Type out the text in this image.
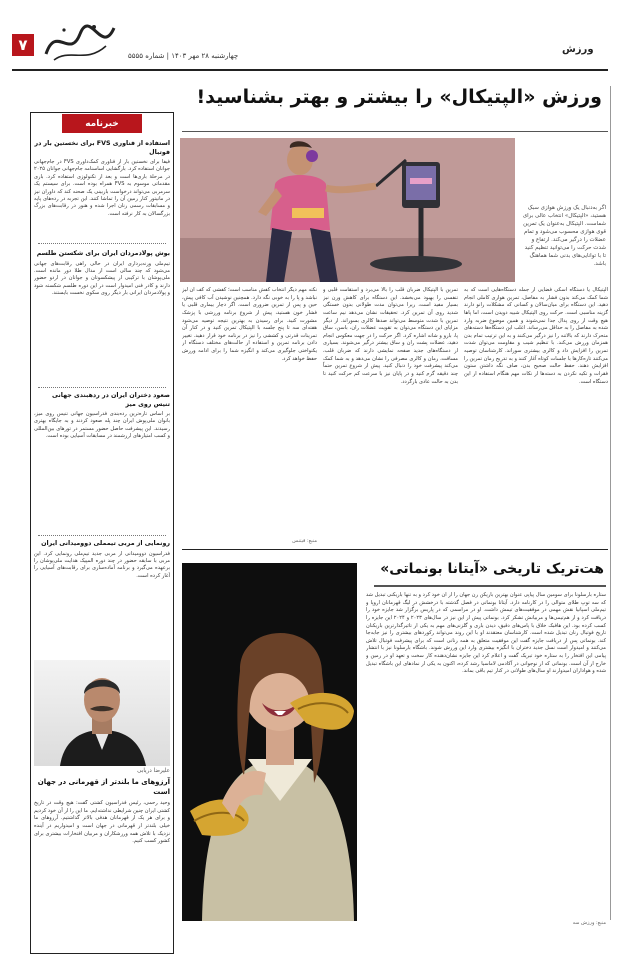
۷
چهارشنبه ۲۸ مهر ۱۴۰۳ | شماره ۵۵۵۵
ورزش
خبرنامه
استفاده از فناوری FVS برای نخستین بار در فوتبال

فیفا برای نخستین بار از فناوری کمک‌داوری FVS در جام‌جهانی جوانان استفاده کرد. بازگشایی اساسنامه جام‌جهانی جوانان ۲۰۲۵ در مرحلهٔ بازی‌ها است و بعد از تکنولوژی استفاده کرد. بازی مقدماتی موسوم به FVS همراه بوده است. برای سیستم یک سرمربی می‌تواند درخواست بازبینی یک صحنه کند که داوران نیز در مانیتور کنار زمین آن را تماشا کنند. این تجربه در رده‌های پایه و مسابقات رسمی زنان اجرا شده و هنوز در رقابت‌های بزرگ بزرگسالان به کار نرفته است.

بوش پولادمردان ایران برای شکستن طلسم

تیم‌ملی وزنه‌برداری ایران در حالی راهی رقابت‌های جهانی می‌شود که چند سالی است از مدال طلا دور مانده است. ملی‌پوشان با ترکیبی از پیشکسوتان و جوانان در اردو حضور دارند و کادر فنی امیدوار است در این دوره طلسم شکسته شود و پولادمردان ایرانی بار دیگر روی سکوی نخست بایستند.

صعود دختران ایران در ردهبندی جهانی تنیس روی میز

بر اساس تازه‌ترین رده‌بندی فدراسیون جهانی تنیس روی میز، بانوان ملی‌پوش ایران چند پله صعود کردند و به جایگاه بهتری رسیدند. این پیشرفت حاصل حضور مستمر در تورهای بین‌المللی و کسب امتیازهای ارزشمند در مسابقات آسیایی بوده است.

رونمایی از مربی تیمملی دوومیدانی ایران

فدراسیون دوومیدانی از مربی جدید تیم‌ملی رونمایی کرد. این مربی با سابقه حضور در چند دوره المپیک هدایت ملی‌پوشان را برعهده می‌گیرد و برنامه آماده‌سازی برای رقابت‌های آسیایی را آغاز کرده است.

علیرضا دریابی
آرزوهای ما بلندتر از قهرمانی در جهان است
وحید رحمی، رئیس فدراسیون کشتی گفت: هیچ وقت در تاریخ کشتی ایران چنین شرایطی نداشته‌ایم. ما این را از آن خود کردیم و برای هر یک از قهرمانان هدفی بالاتر گذاشتیم. آرزوهای ما خیلی بلندتر از قهرمانی در جهان است و امیدواریم در آینده نزدیک با تلاش همه ورزشکاران و مربیان افتخارات بیشتری برای کشور کسب کنیم.
ورزش «الپتیکال» را بیشتر و بهتر بشناسید!
اگر به‌دنبال یک ورزش هوازی سبک هستید، «الپتیکال» انتخاب عالی برای شماست. الپتیکال به‌عنوان یک تمرین قوی هوازی محسوب می‌شود و تمام عضلات را درگیر می‌کند. ارتفاع و شدت حرکت را می‌توانید تنظیم کنید تا با توانایی‌های بدنی شما هماهنگ باشد.
الپتیکال یا دستگاه اسکی فضایی از جمله دستگاه‌هایی است که به شما کمک می‌کند بدون فشار به مفاصل، تمرین هوازی کاملی انجام دهید. این دستگاه برای میان‌سالان و کسانی که مشکلات زانو دارند گزینه مناسبی است. حرکت روی الپتیکال شبیه دویدن است، اما پاها هیچ وقت از روی پدال جدا نمی‌شوند و همین موضوع ضربه وارد شده به مفاصل را به حداقل می‌رساند. اغلب این دستگاه‌ها دسته‌های متحرک دارند که بالاتنه را نیز درگیر می‌کنند و به این ترتیب تمام بدن همزمان ورزش می‌کند. با تنظیم شیب و مقاومت می‌توان شدت تمرین را افزایش داد و کالری بیشتری سوزاند. کارشناسان توصیه می‌کنند تازه‌کارها با جلسات کوتاه آغاز کنند و به تدریج زمان تمرین را افزایش دهند. حفظ حالت صحیح بدن، صاف نگه داشتن ستون فقرات و تکیه نکردن به دسته‌ها از نکات مهم هنگام استفاده از این دستگاه است.
تمرین با الپتیکال ضربان قلب را بالا می‌برد و استقامت قلبی و تنفسی را بهبود می‌بخشد. این دستگاه برای کاهش وزن نیز بسیار مفید است، زیرا می‌توان مدت طولانی بدون خستگی شدید روی آن تمرین کرد. تحقیقات نشان می‌دهد نیم ساعت تمرین با شدت متوسط می‌تواند صدها کالری بسوزاند. از دیگر مزایای این دستگاه می‌توان به تقویت عضلات ران، باسن، ساق پا، بازو و شانه اشاره کرد. اگر حرکت را در جهت معکوس انجام دهید، عضلات پشت ران و ساق بیشتر درگیر می‌شوند. بسیاری از دستگاه‌های جدید صفحه نمایشی دارند که ضربان قلب، مسافت، زمان و کالری مصرفی را نشان می‌دهد و به شما کمک می‌کند پیشرفت خود را دنبال کنید. پیش از شروع تمرین حتماً چند دقیقه گرم کنید و در پایان نیز با سرعت کم حرکت کنید تا بدن به حالت عادی بازگردد.
نکته مهم دیگر انتخاب کفش مناسب است؛ کفشی که کف آن لیز نباشد و پا را به خوبی نگه دارد. همچنین نوشیدن آب کافی پیش، حین و پس از تمرین ضروری است. اگر دچار بیماری قلبی یا فشار خون هستید، پیش از شروع برنامه ورزشی با پزشک مشورت کنید. برای رسیدن به بهترین نتیجه توصیه می‌شود هفته‌ای سه تا پنج جلسه با الپتیکال تمرین کنید و در کنار آن تمرینات قدرتی و کششی را نیز در برنامه خود قرار دهید. تغییر دادن برنامه تمرین و استفاده از حالت‌های مختلف دستگاه از یکنواختی جلوگیری می‌کند و انگیزه شما را برای ادامه ورزش حفظ خواهد کرد.
منبع: فیتنس
هت‌تریک تاریخی «آیتانا بونماتی»
ستاره بارسلونا برای سومین سال پیاپی عنوان بهترین بازیکن زن جهان را از آن خود کرد و به تنها بازیکنی تبدیل شد که سه توپ طلای متوالی را در کارنامه دارد. آیتانا بونماتی در فصل گذشته با درخشش در لیگ قهرمانان اروپا و تیم‌ملی اسپانیا نقش مهمی در موفقیت‌های تیمش داشت. او در مراسمی که در پاریس برگزار شد جایزه خود را دریافت کرد و از هم‌تیمی‌ها و مربیانش تشکر کرد. بونماتی پیش از این نیز در سال‌های ۲۰۲۳ و ۲۰۲۴ این جایزه را کسب کرده بود. این هافبک خلاق با پاس‌های دقیق، دیدن بازی و گلزنی‌های مهم به یکی از تاثیرگذارترین بازیکنان تاریخ فوتبال زنان تبدیل شده است. کارشناسان معتقدند او با این روند می‌تواند رکوردهای بیشتری را نیز جابه‌جا کند. بونماتی پس از دریافت جایزه گفت این موفقیت متعلق به همه زنانی است که برای پیشرفت فوتبال تلاش می‌کنند و امیدوار است نسل جدید دختران با انگیزه بیشتری وارد این ورزش شوند. باشگاه بارسلونا نیز با انتشار پیامی این افتخار را به ستاره خود تبریک گفت و اعلام کرد این جایزه نشان‌دهنده کار سخت و تعهد او در زمین و خارج از آن است. بونماتی که از نوجوانی در آکادمی لاماسیا رشد کرده، اکنون به یکی از نمادهای این باشگاه تبدیل شده و هواداران امیدوارند او سال‌های طولانی در کنار تیم باقی بماند.
منبع: ورزش سه
